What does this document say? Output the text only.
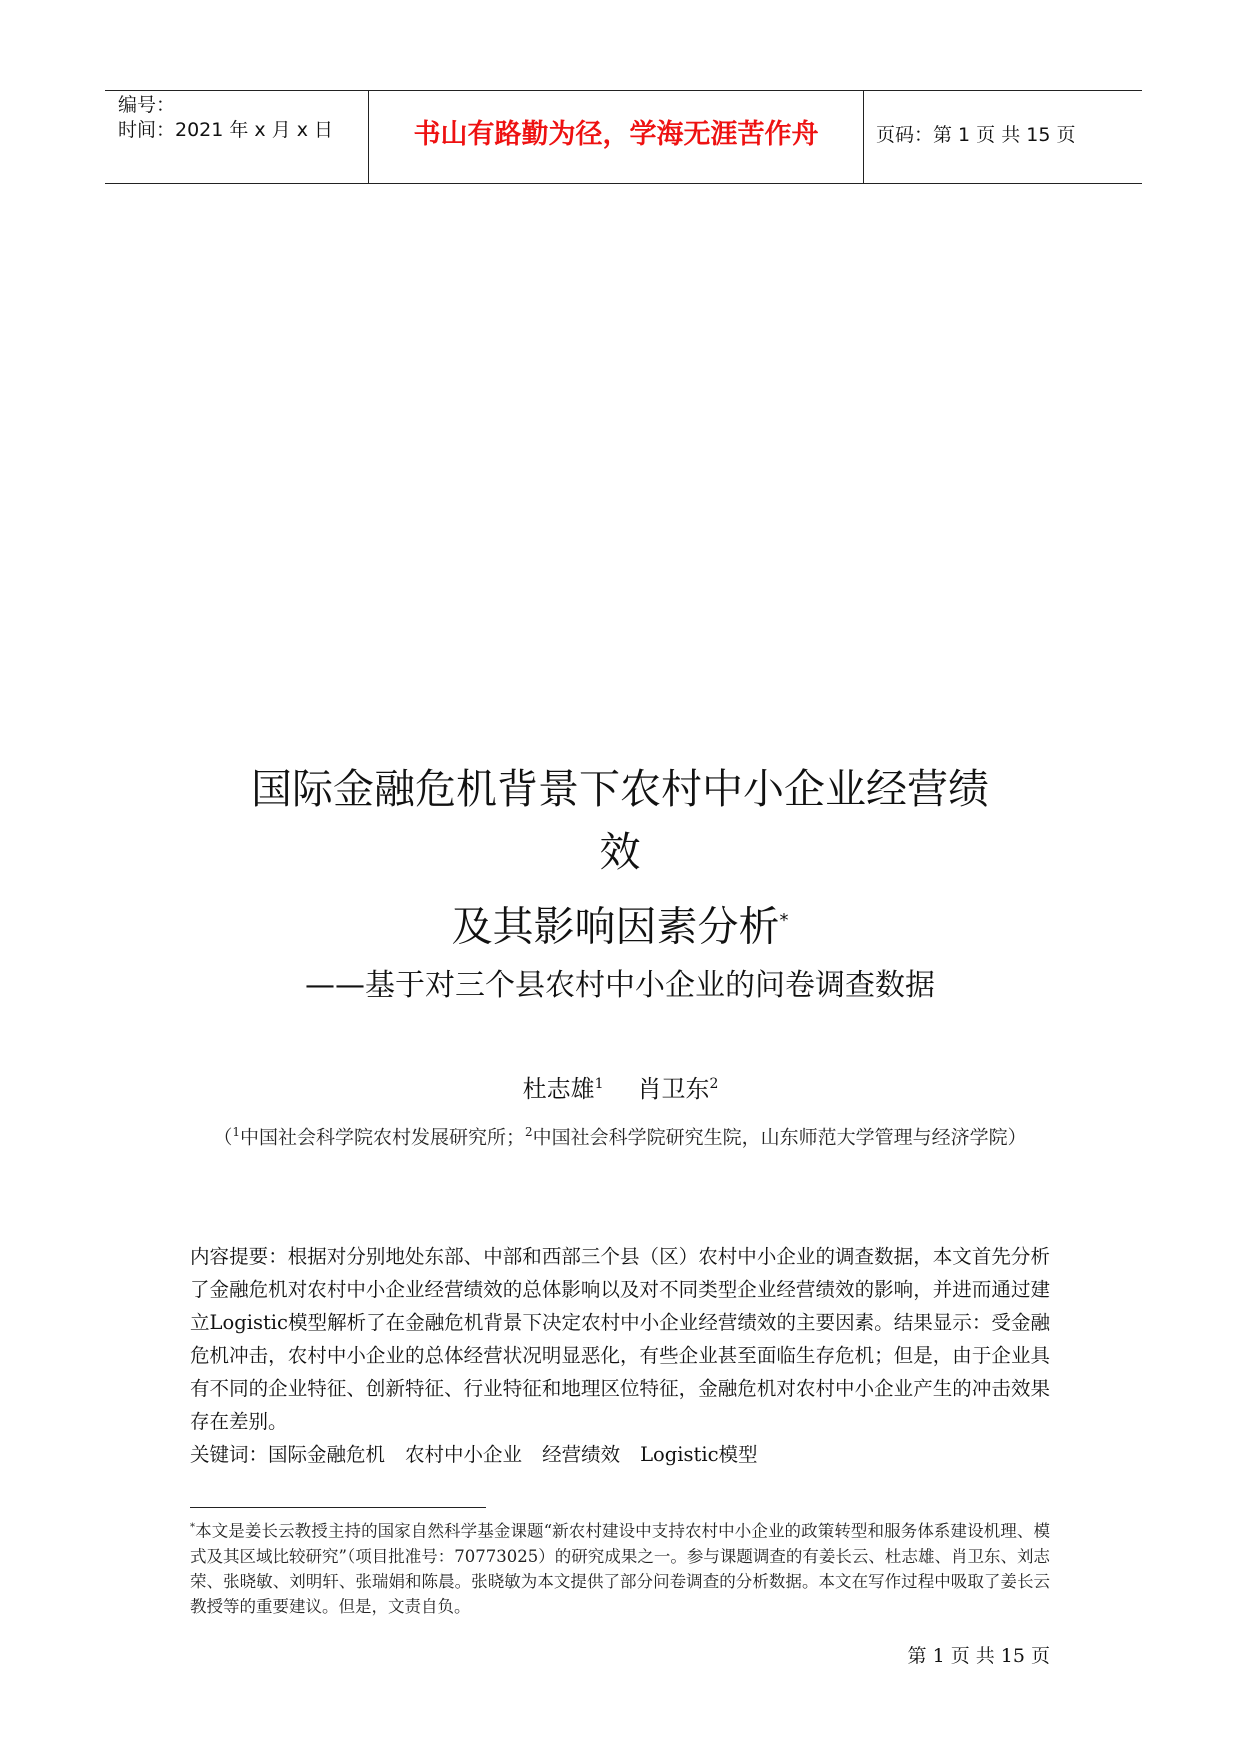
编号：
时间：2021 年 x 月 x 日	书山有路勤为径，学海无涯苦作舟	页码：第 1 页 共 15 页
国际金融危机背景下农村中小企业经营绩
效
及其影响因素分析*
——基于对三个县农村中小企业的问卷调查数据
杜志雄$^1$ 肖卫东$^2$
（$^1$中国社会科学院农村发展研究所；$^2$中国社会科学院研究生院，山东师范大学管理与经济学院）
内容提要：根据对分别地处东部、中部和西部三个县（区）农村中小企业的调查数据，本文首先分析了金融危机对农村中小企业经营绩效的总体影响以及对不同类型企业经营绩效的影响，并进而通过建立Logistic模型解析了在金融危机背景下决定农村中小企业经营绩效的主要因素。结果显示：受金融危机冲击，农村中小企业的总体经营状况明显恶化，有些企业甚至面临生存危机；但是，由于企业具有不同的企业特征、创新特征、行业特征和地理区位特征，金融危机对农村中小企业产生的冲击效果存在差别。
关键词：国际金融危机 农村中小企业 经营绩效 Logistic模型
*本文是姜长云教授主持的国家自然科学基金课题“新农村建设中支持农村中小企业的政策转型和服务体系建设机理、模式及其区域比较研究”（项目批准号：70773025）的研究成果之一。参与课题调查的有姜长云、杜志雄、肖卫东、刘志荣、张晓敏、刘明轩、张瑞娟和陈晨。张晓敏为本文提供了部分问卷调查的分析数据。本文在写作过程中吸取了姜长云教授等的重要建议。但是，文责自负。
第 1 页 共 15 页
